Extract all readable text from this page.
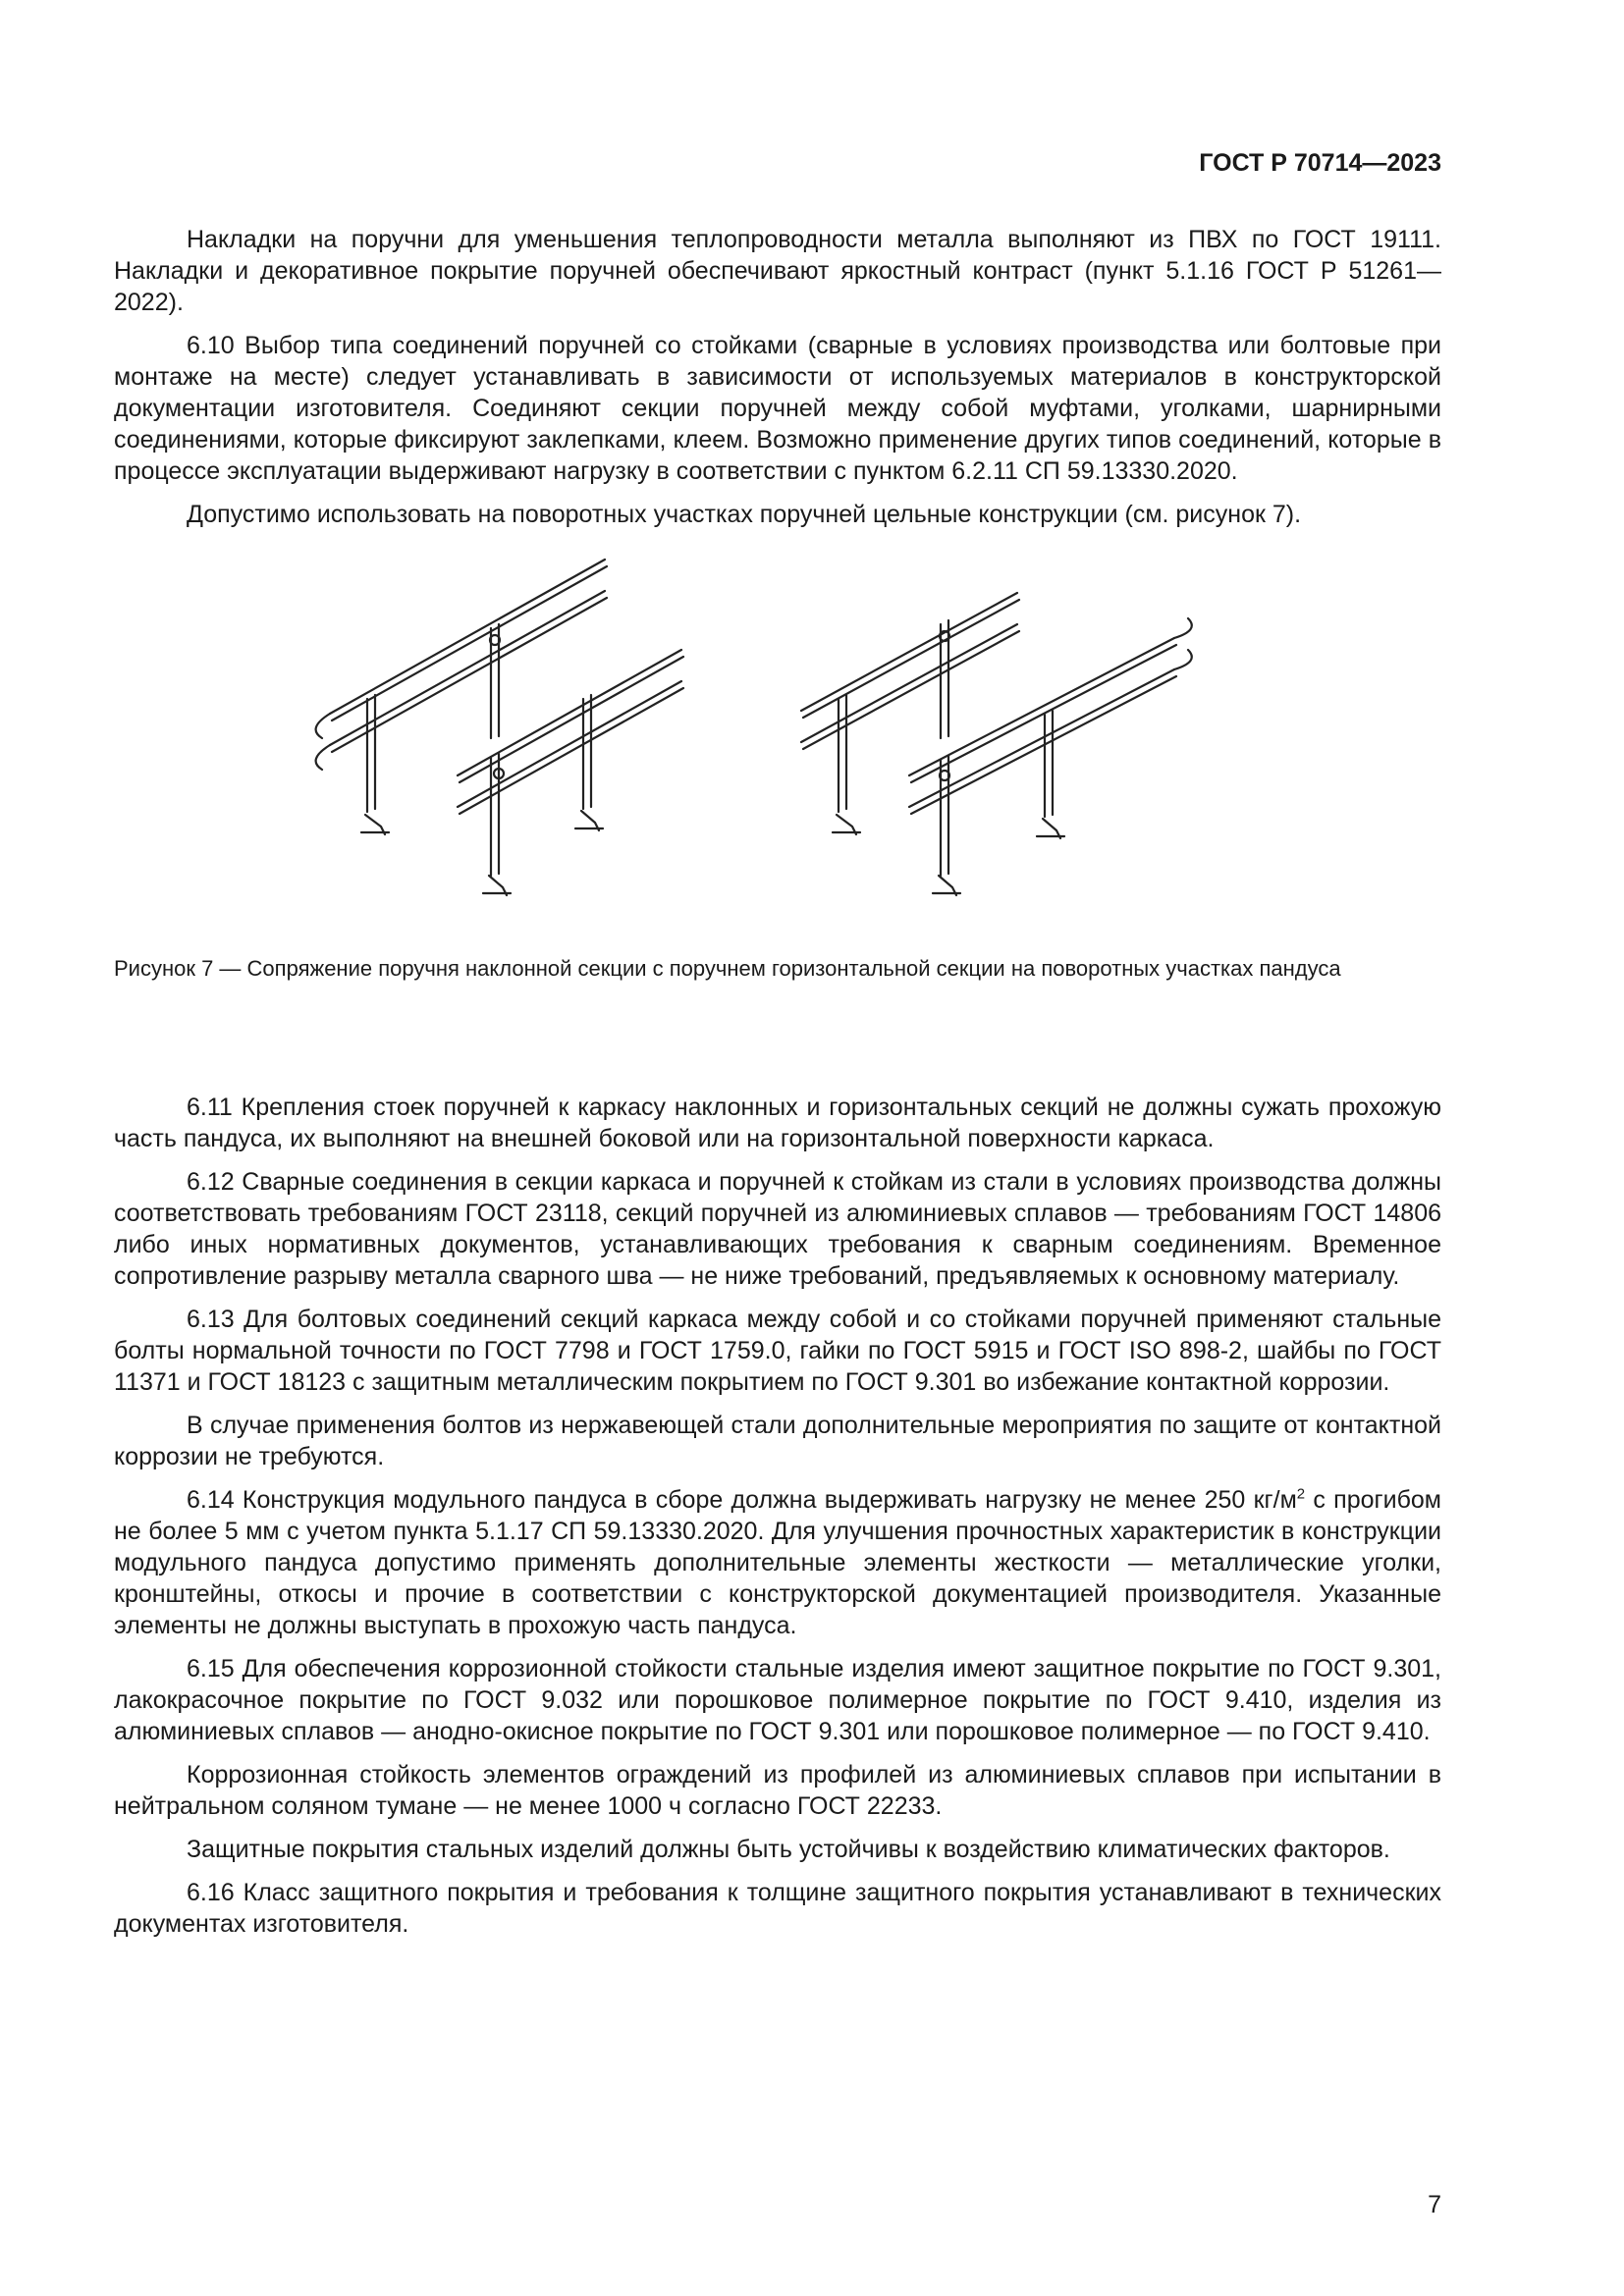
ГОСТ Р 70714—2023

Накладки на поручни для уменьшения теплопроводности металла выполняют из ПВХ по ГОСТ 19111. Накладки и декоративное покрытие поручней обеспечивают яркостный контраст (пункт 5.1.16 ГОСТ Р 51261—2022).

6.10 Выбор типа соединений поручней со стойками (сварные в условиях производства или болтовые при монтаже на месте) следует устанавливать в зависимости от используемых материалов в конструкторской документации изготовителя. Соединяют секции поручней между собой муфтами, уголками, шарнирными соединениями, которые фиксируют заклепками, клеем. Возможно применение других типов соединений, которые в процессе эксплуатации выдерживают нагрузку в соответствии с пунктом 6.2.11 СП 59.13330.2020.

Допустимо использовать на поворотных участках поручней цельные конструкции (см. рисунок 7).

Рисунок 7 — Сопряжение поручня наклонной секции с поручнем горизонтальной секции на поворотных участках пандуса

6.11 Крепления стоек поручней к каркасу наклонных и горизонтальных секций не должны сужать прохожую часть пандуса, их выполняют на внешней боковой или на горизонтальной поверхности каркаса.

6.12 Сварные соединения в секции каркаса и поручней к стойкам из стали в условиях производства должны соответствовать требованиям ГОСТ 23118, секций поручней из алюминиевых сплавов — требованиям ГОСТ 14806 либо иных нормативных документов, устанавливающих требования к сварным соединениям. Временное сопротивление разрыву металла сварного шва — не ниже требований, предъявляемых к основному материалу.

6.13 Для болтовых соединений секций каркаса между собой и со стойками поручней применяют стальные болты нормальной точности по ГОСТ 7798 и ГОСТ 1759.0, гайки по ГОСТ 5915 и ГОСТ ISO 898-2, шайбы по ГОСТ 11371 и ГОСТ 18123 с защитным металлическим покрытием по ГОСТ 9.301 во избежание контактной коррозии.

В случае применения болтов из нержавеющей стали дополнительные мероприятия по защите от контактной коррозии не требуются.

6.14 Конструкция модульного пандуса в сборе должна выдерживать нагрузку не менее 250 $кг/м^2$ с прогибом не более 5 мм с учетом пункта 5.1.17 СП 59.13330.2020. Для улучшения прочностных характеристик в конструкции модульного пандуса допустимо применять дополнительные элементы жесткости — металлические уголки, кронштейны, откосы и прочие в соответствии с конструкторской документацией производителя. Указанные элементы не должны выступать в прохожую часть пандуса.

6.15 Для обеспечения коррозионной стойкости стальные изделия имеют защитное покрытие по ГОСТ 9.301, лакокрасочное покрытие по ГОСТ 9.032 или порошковое полимерное покрытие по ГОСТ 9.410, изделия из алюминиевых сплавов — анодно-окисное покрытие по ГОСТ 9.301 или порошковое полимерное — по ГОСТ 9.410.

Коррозионная стойкость элементов ограждений из профилей из алюминиевых сплавов при испытании в нейтральном соляном тумане — не менее 1000 ч согласно ГОСТ 22233.

Защитные покрытия стальных изделий должны быть устойчивы к воздействию климатических факторов.

6.16 Класс защитного покрытия и требования к толщине защитного покрытия устанавливают в технических документах изготовителя.

7
